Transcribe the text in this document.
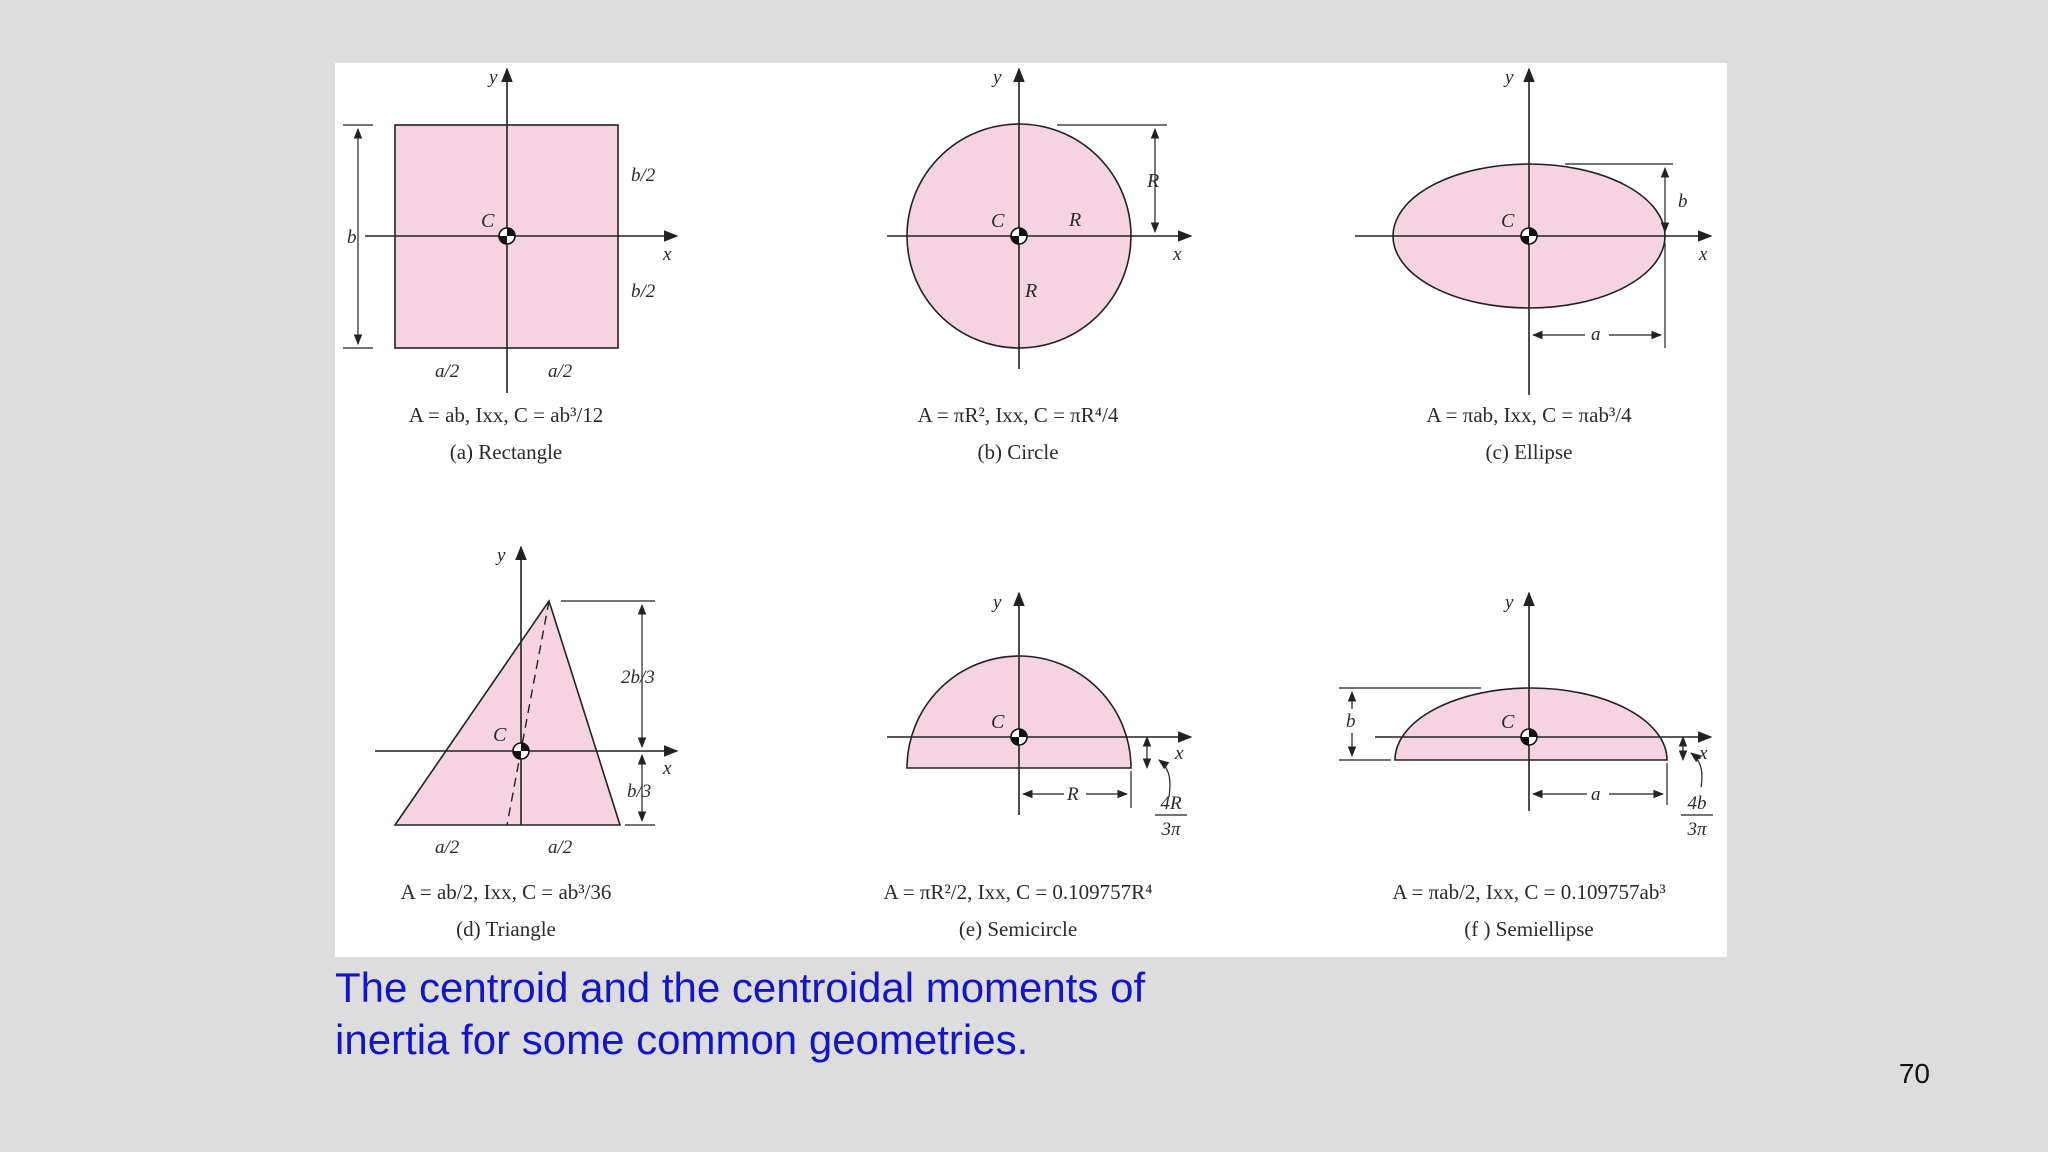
y
x
C
b
b/2
b/2
a/2	a/2
A = ab, Ixx, C = ab³/12
(a) Rectangle
y
x
C
R
R
R
A = πR², Ixx, C = πR⁴/4
(b) Circle
y
x
C
b
a
A = πab, Ixx, C = πab³/4
(c) Ellipse
y
x
C
2b/3
b/3
a/2	a/2
A = ab/2, Ixx, C = ab³/36
(d) Triangle
y
x
C
R	4R
3π
A = πR²/2, Ixx, C = 0.109757R⁴
(e) Semicircle
y
x
C
b
a	4b
3π
A = πab/2, Ixx, C = 0.109757ab³
(f ) Semiellipse

The centroid and the centroidal moments of
inertia for some common geometries.

70
